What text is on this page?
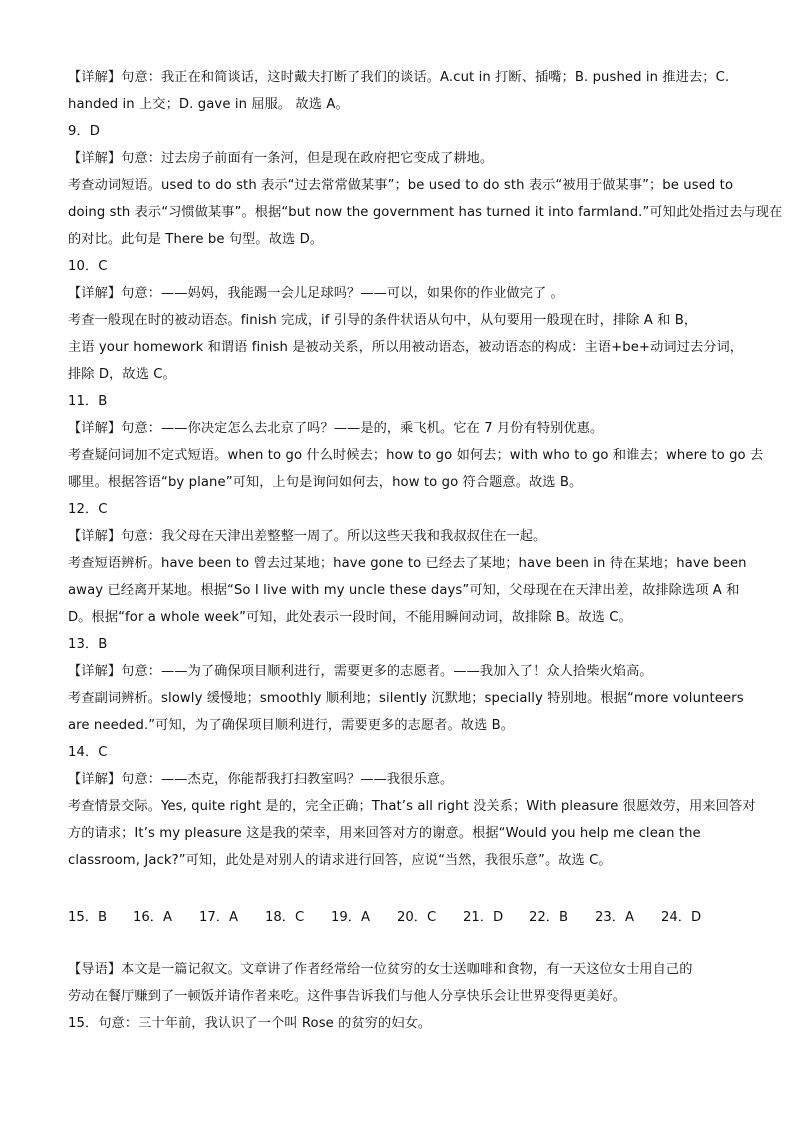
【详解】句意：我正在和简谈话，这时戴夫打断了我们的谈话。A.cut in 打断、插嘴；B. pushed in 推进去；C.
handed in 上交；D. gave in 屈服。 故选 A。
9．D
【详解】句意：过去房子前面有一条河，但是现在政府把它变成了耕地。
考查动词短语。used to do sth 表示“过去常常做某事”；be used to do sth 表示“被用于做某事”；be used to
doing sth 表示“习惯做某事”。根据“but now the government has turned it into farmland.”可知此处指过去与现在
的对比。此句是 There be 句型。故选 D。
10．C
【详解】句意：——妈妈，我能踢一会儿足球吗？——可以，如果你的作业做完了 。
考查一般现在时的被动语态。finish 完成，if 引导的条件状语从句中，从句要用一般现在时，排除 A 和 B，
主语 your homework 和谓语 finish 是被动关系，所以用被动语态，被动语态的构成：主语+be+动词过去分词，
排除 D，故选 C。
11．B
【详解】句意：——你决定怎么去北京了吗？——是的，乘飞机。它在 7 月份有特别优惠。
考查疑问词加不定式短语。when to go 什么时候去；how to go 如何去；with who to go 和谁去；where to go 去
哪里。根据答语“by plane”可知，上句是询问如何去，how to go 符合题意。故选 B。
12．C
【详解】句意：我父母在天津出差整整一周了。所以这些天我和我叔叔住在一起。
考查短语辨析。have been to 曾去过某地；have gone to 已经去了某地；have been in 待在某地；have been
away 已经离开某地。根据“So I live with my uncle these days”可知，父母现在在天津出差，故排除选项 A 和
D。根据“for a whole week”可知，此处表示一段时间，不能用瞬间动词，故排除 B。故选 C。
13．B
【详解】句意：——为了确保项目顺利进行，需要更多的志愿者。——我加入了！众人拾柴火焰高。
考查副词辨析。slowly 缓慢地；smoothly 顺利地；silently 沉默地；specially 特别地。根据“more volunteers
are needed.”可知，为了确保项目顺利进行，需要更多的志愿者。故选 B。
14．C
【详解】句意：——杰克，你能帮我打扫教室吗？——我很乐意。
考查情景交际。Yes, quite right 是的，完全正确；That’s all right 没关系；With pleasure 很愿效劳，用来回答对
方的请求；It’s my pleasure 这是我的荣幸，用来回答对方的谢意。根据“Would you help me clean the
classroom, Jack?”可知，此处是对别人的请求进行回答，应说“当然，我很乐意”。故选 C。
15．B 16．A 17．A 18．C 19．A 20．C 21．D 22．B 23．A 24．D
【导语】本文是一篇记叙文。文章讲了作者经常给一位贫穷的女士送咖啡和食物，有一天这位女士用自己的
劳动在餐厅赚到了一顿饭并请作者来吃。这件事告诉我们与他人分享快乐会让世界变得更美好。
15．句意：三十年前，我认识了一个叫 Rose 的贫穷的妇女。
